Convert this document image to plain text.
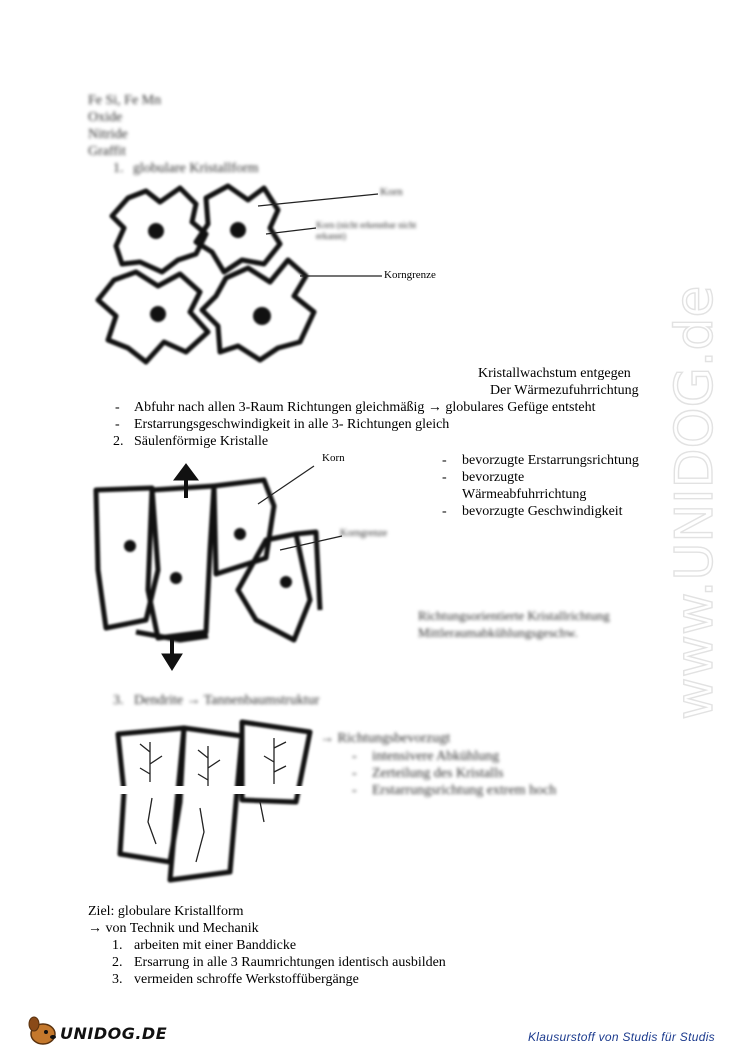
Fe Si, Fe Mn
Oxide
Nitride
Graffit
1. globulare Kristallform
Korn
Korn (nicht erkennbar nicht erkannt)
Korngrenze
Kristallwachstum entgegen
Der Wärmezufuhrrichtung
- Abfuhr nach allen 3-Raum Richtungen gleichmäßig → globulares Gefüge entsteht
- Erstarrungsgeschwindigkeit in alle 3- Richtungen gleich
2. Säulenförmige Kristalle
Korn
Korngrenze
- bevorzugte Erstarrungsrichtung
- bevorzugte
Wärmeabfuhrrichtung
- bevorzugte Geschwindigkeit
Richtungsorientierte Kristallrichtung
Mittleraumabkühlungsgeschw.
3. Dendrite → Tannenbaumstruktur
→ Richtungsbevorzugt
- intensivere Abkühlung
- Zerteilung des Kristalls
- Erstarrungsrichtung extrem hoch
Ziel: globulare Kristallform
→ von Technik und Mechanik
1. arbeiten mit einer Banddicke
2. Ersarrung in alle 3 Raumrichtungen identisch ausbilden
3. vermeiden schroffe Werkstoffübergänge
www.UNIDOG.de
UNIDOG.DE	Klausurstoff von Studis für Studis
